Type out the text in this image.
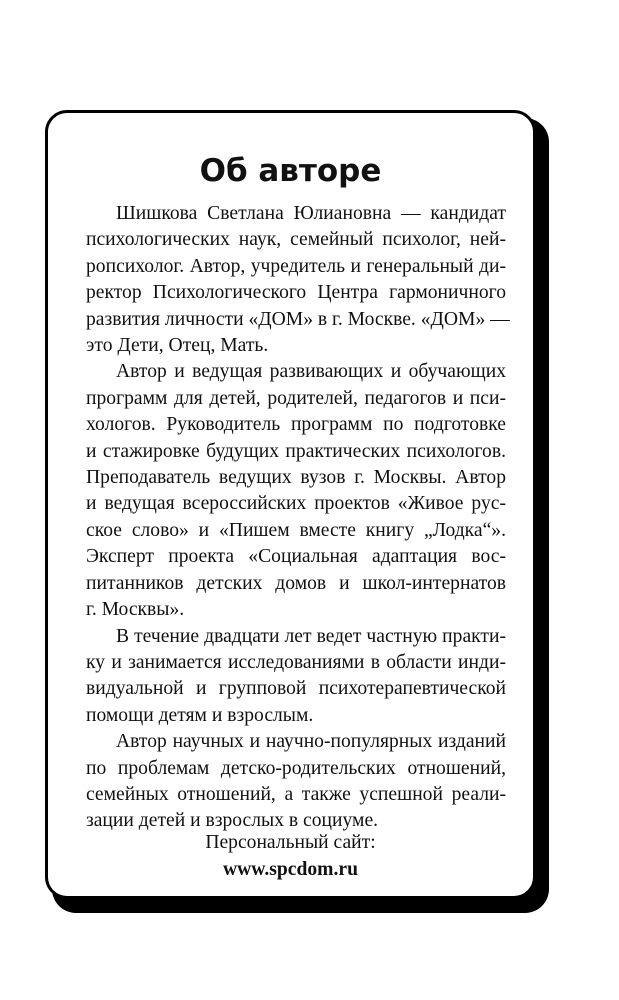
Об авторе

Шишкова Светлана Юлиановна — кандидат
психологических наук, семейный психолог, ней-
ропсихолог. Автор, учредитель и генеральный ди-
ректор Психологического Центра гармоничного
развития личности «ДОМ» в г. Москве. «ДОМ» —
это Дети, Отец, Мать.

Автор и ведущая развивающих и обучающих
программ для детей, родителей, педагогов и пси-
хологов. Руководитель программ по подготовке
и стажировке будущих практических психологов.
Преподаватель ведущих вузов г. Москвы. Автор
и ведущая всероссийских проектов «Живое рус-
ское слово» и «Пишем вместе книгу „Лодка“».
Эксперт проекта «Социальная адаптация вос-
питанников детских домов и школ-интернатов
г. Москвы».

В течение двадцати лет ведет частную практи-
ку и занимается исследованиями в области инди-
видуальной и групповой психотерапевтической
помощи детям и взрослым.

Автор научных и научно-популярных изданий
по проблемам детско-родительских отношений,
семейных отношений, а также успешной реали-
зации детей и взрослых в социуме.

Персональный сайт:
www.spcdom.ru
